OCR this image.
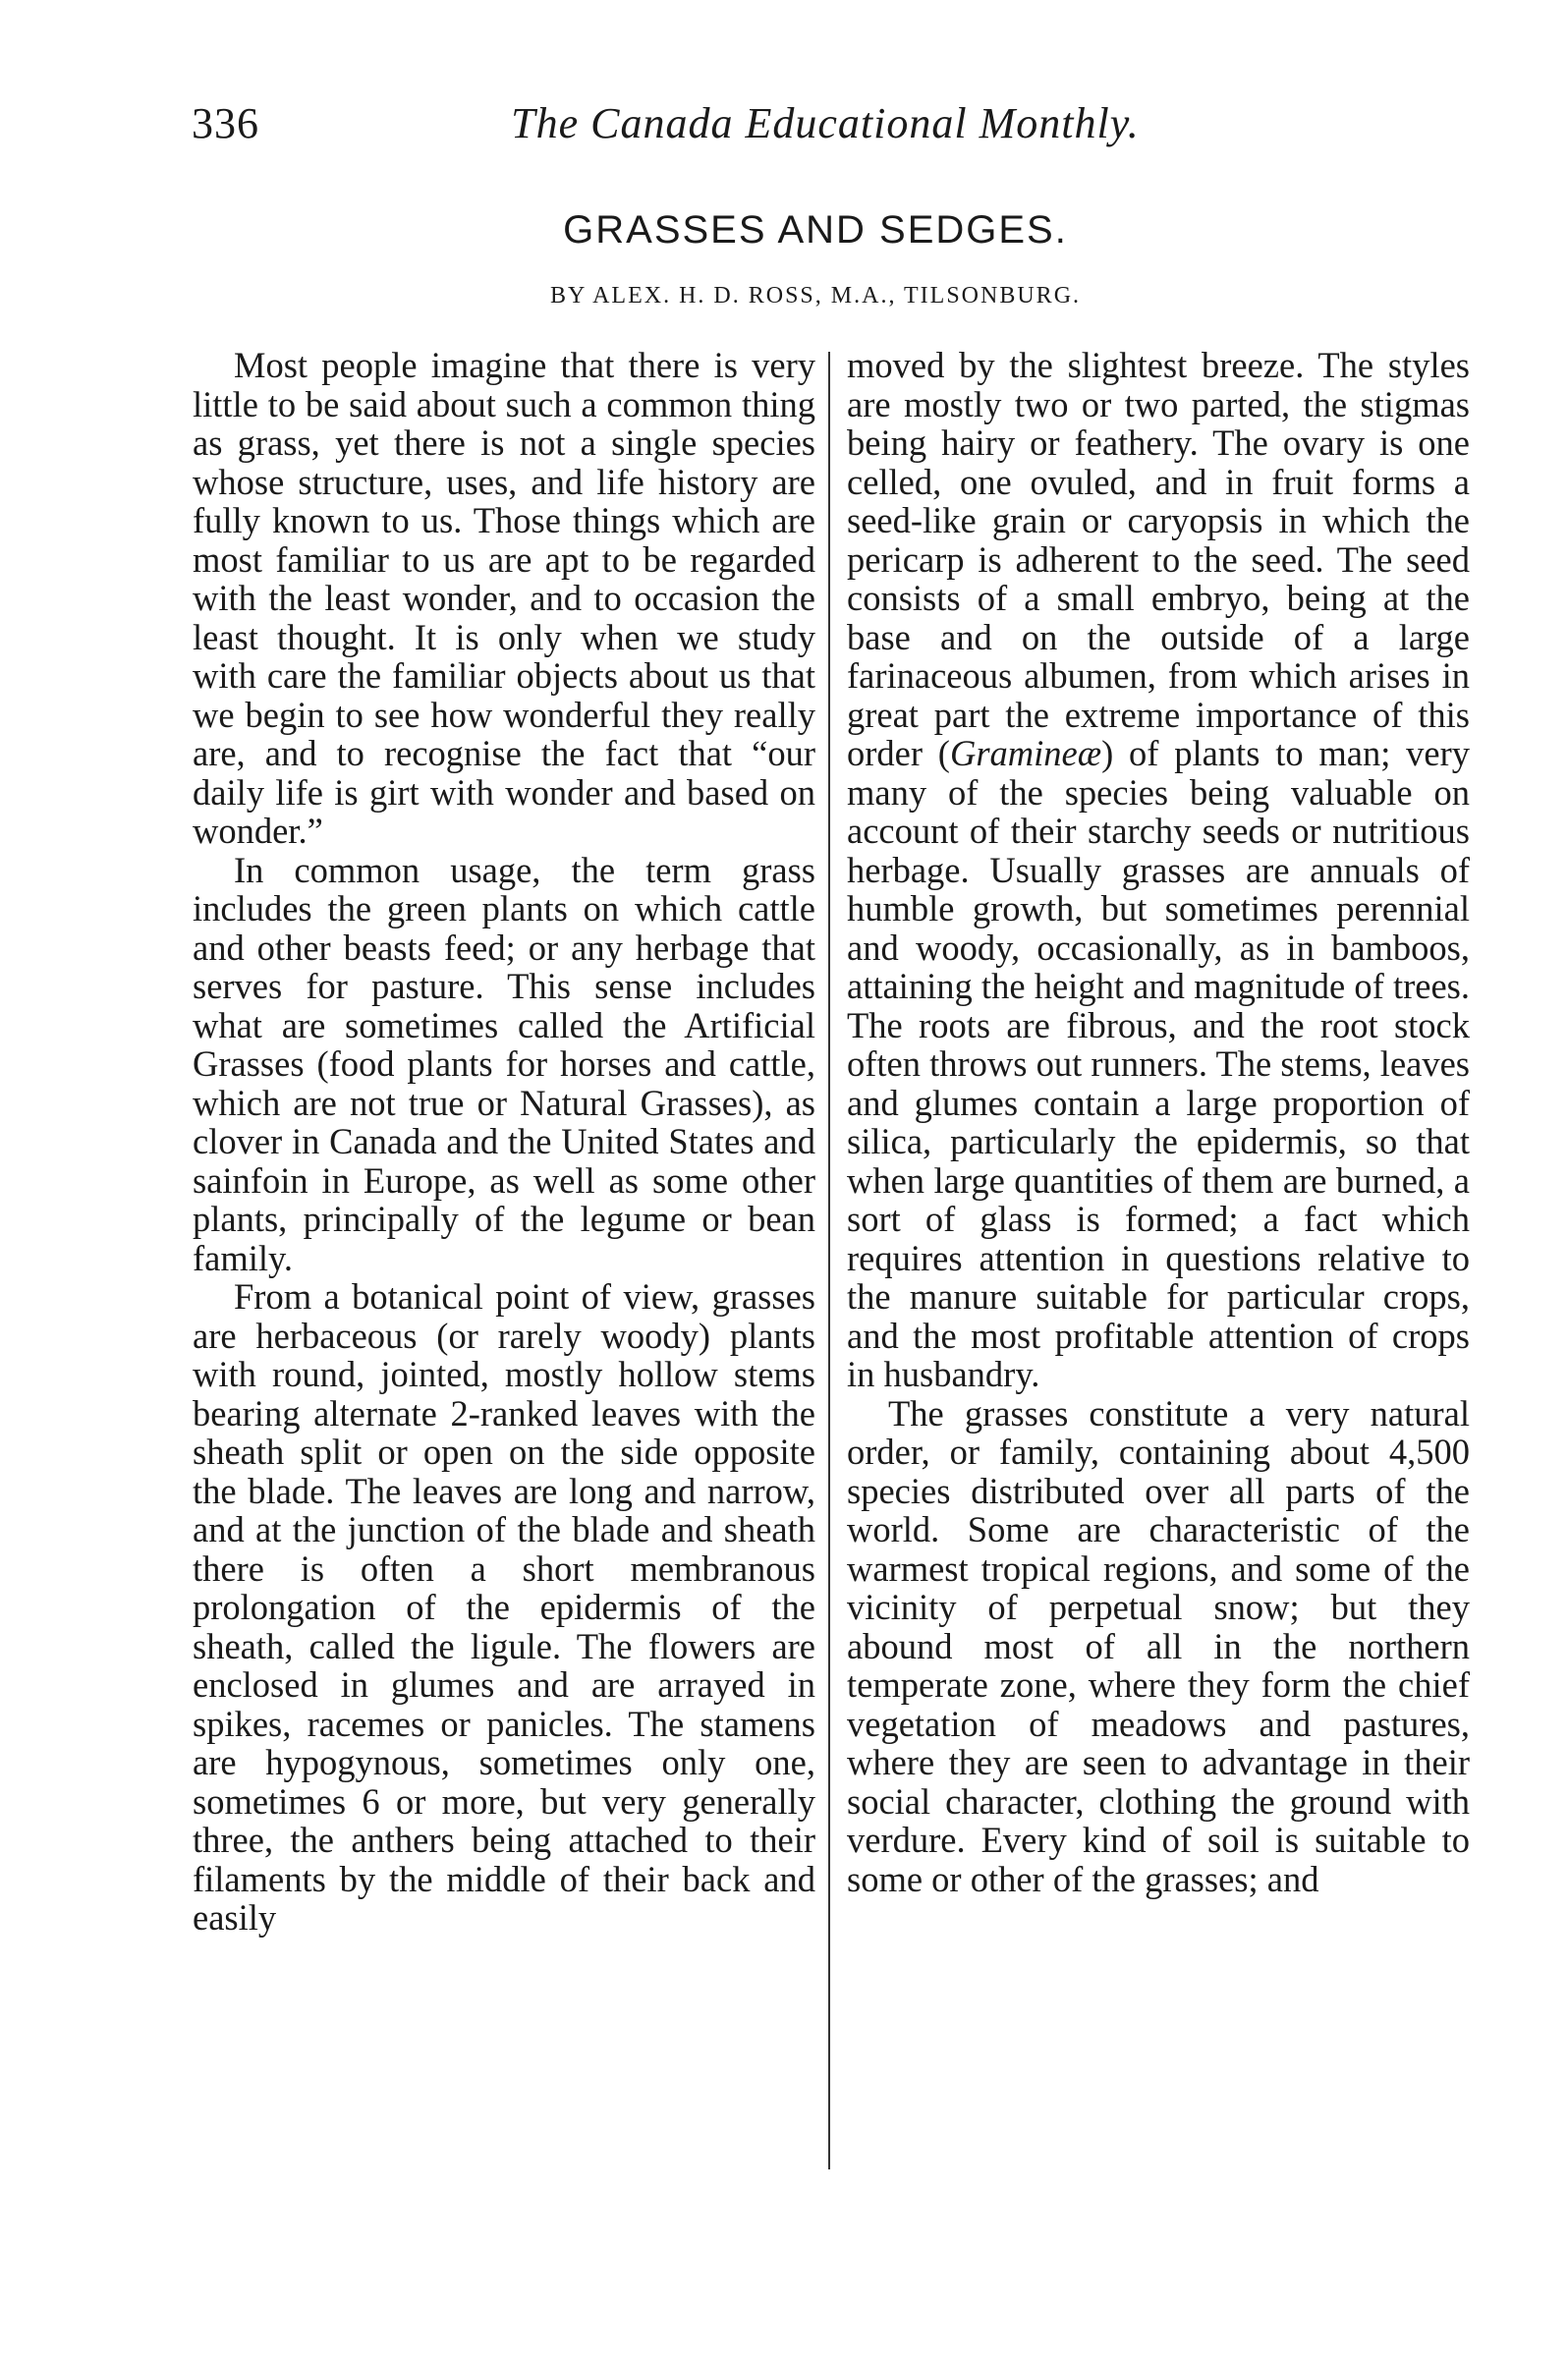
336	The Canada Educational Monthly.
GRASSES AND SEDGES.
BY ALEX. H. D. ROSS, M.A., TILSONBURG.

Most people imagine that there is very little to be said about such a common thing as grass, yet there is not a single species whose structure, uses, and life history are fully known to us. Those things which are most familiar to us are apt to be regarded with the least wonder, and to occasion the least thought. It is only when we study with care the familiar objects about us that we begin to see how wonderful they really are, and to recognise the fact that “our daily life is girt with wonder and based on wonder.”

In common usage, the term grass includes the green plants on which cattle and other beasts feed; or any herbage that serves for pasture. This sense includes what are sometimes called the Artificial Grasses (food plants for horses and cattle, which are not true or Natural Grasses), as clover in Canada and the United States and sainfoin in Europe, as well as some other plants, principally of the legume or bean family.

From a botanical point of view, grasses are herbaceous (or rarely woody) plants with round, jointed, mostly hollow stems bearing alternate 2-ranked leaves with the sheath split or open on the side opposite the blade. The leaves are long and narrow, and at the junction of the blade and sheath there is often a short membranous prolongation of the epidermis of the sheath, called the ligule. The flowers are enclosed in glumes and are arrayed in spikes, racemes or panicles. The stamens are hypogynous, sometimes only one, sometimes 6 or more, but very generally three, the anthers being attached to their filaments by the middle of their back and easily

moved by the slightest breeze. The styles are mostly two or two parted, the stigmas being hairy or feathery. The ovary is one celled, one ovuled, and in fruit forms a seed-like grain or caryopsis in which the pericarp is adherent to the seed. The seed consists of a small embryo, being at the base and on the outside of a large farinaceous albumen, from which arises in great part the extreme importance of this order (Gramineæ) of plants to man; very many of the species being valuable on account of their starchy seeds or nutritious herbage. Usually grasses are annuals of humble growth, but sometimes perennial and woody, occasionally, as in bamboos, attaining the height and magnitude of trees. The roots are fibrous, and the root stock often throws out runners. The stems, leaves and glumes contain a large proportion of silica, particularly the epidermis, so that when large quantities of them are burned, a sort of glass is formed; a fact which requires attention in questions relative to the manure suitable for particular crops, and the most profitable attention of crops in husbandry.

The grasses constitute a very natural order, or family, containing about 4,500 species distributed over all parts of the world. Some are characteristic of the warmest tropical regions, and some of the vicinity of perpetual snow; but they abound most of all in the northern temperate zone, where they form the chief vegetation of meadows and pastures, where they are seen to advantage in their social character, clothing the ground with verdure. Every kind of soil is suitable to some or other of the grasses; and
